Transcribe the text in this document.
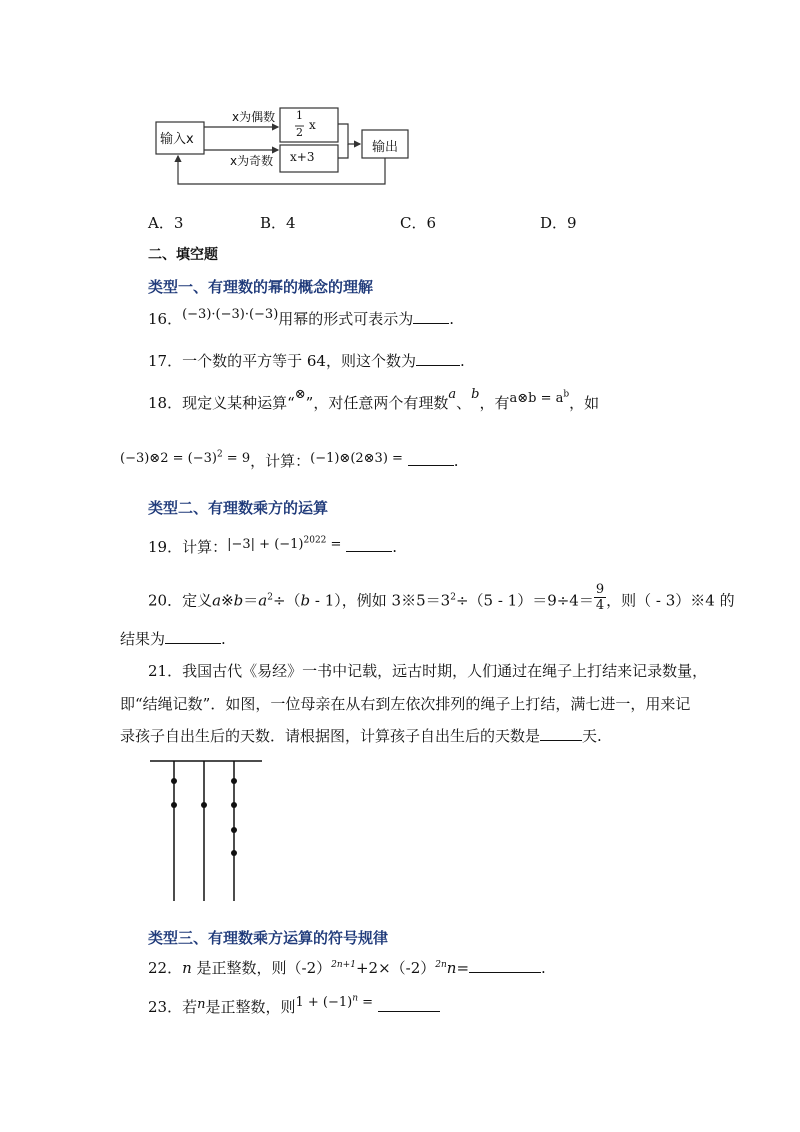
输入x
x为偶数
x为奇数
1
2
x
x+3
输出
A．3	B．4	C．6	D．9
二、填空题
类型一、有理数的幂的概念的理解
16．(−3)·(−3)·(−3)用幂的形式可表示为 .
17．一个数的平方等于 64，则这个数为	.
18．现定义某种运算“⊗”，对任意两个有理数a、b，有a⊗b = $a^b$，如
(−3)⊗2 = $(-3)^2 = 9$，计算：(−1)⊗(2⊗3) =	.
类型二、有理数乘方的运算
19．计算：$|-3| + (-1)^{2022}$ =	.
20．定义$a※b=a^2\div(b - 1)$，例如 $3※5=3^2\div(5 - 1)=9\div 4= \frac{9}{4}$ ，则（ - 3）※4 的
结果为	.
21．我国古代《易经》一书中记载，远古时期，人们通过在绳子上打结来记录数量，
即“结绳记数”．如图，一位母亲在从右到左依次排列的绳子上打结，满七进一，用来记
录孩子自出生后的天数．请根据图，计算孩子自出生后的天数是	天.
类型三、有理数乘方运算的符号规律
22．n 是正整数，则$(-2)^{2n+1}+2\times(-2)^{2n}n=$	.
23．若n是正整数，则$1 + (-1)^n$ =
